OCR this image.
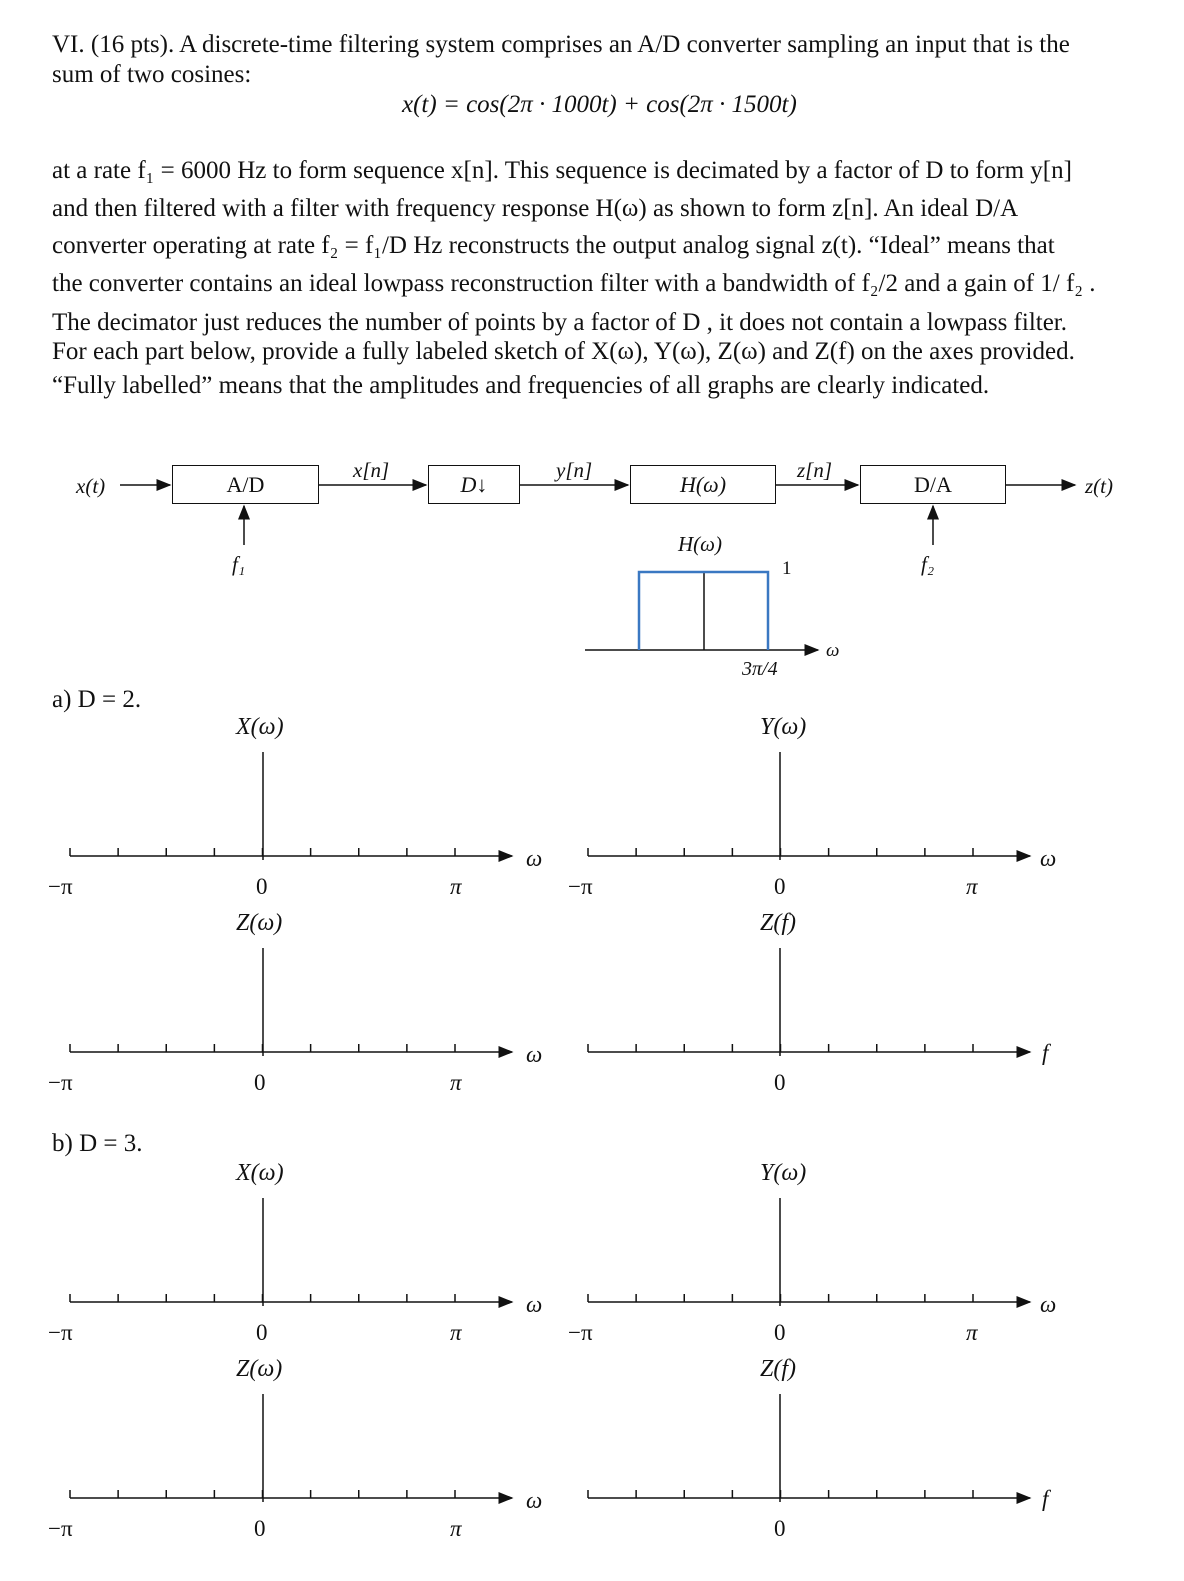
VI. (16 pts). A discrete-time filtering system comprises an A/D converter sampling an input that is the
sum of two cosines:
x(t) = cos(2π · 1000t) + cos(2π · 1500t)
at a rate f₁ = 6000 Hz to form sequence x[n]. This sequence is decimated by a factor of D to form y[n]
and then filtered with a filter with frequency response H(ω) as shown to form z[n]. An ideal D/A
converter operating at rate f₂ = f₁/D Hz reconstructs the output analog signal z(t). “Ideal” means that
the converter contains an ideal lowpass reconstruction filter with a bandwidth of f₂/2 and a gain of 1/ f₂ .
The decimator just reduces the number of points by a factor of D , it does not contain a lowpass filter.
For each part below, provide a fully labeled sketch of X(ω), Y(ω), Z(ω) and Z(f) on the axes provided.
“Fully labelled” means that the amplitudes and frequencies of all graphs are clearly indicated.
x(t)	A/D
f₁
x[n]
D↓
y[n]
H(ω)
z[n]
D/A
f₂
z(t)
H(ω)
1
3π/4
ω
a) D = 2.
X(ω)	Y(ω)
−π	0	π
ω
−π	0	π
ω
Z(ω)	Z(f)
−π	0	π
ω
0
f
b) D = 3.
X(ω)	Y(ω)
−π	0	π
ω
−π	0	π
ω
Z(ω)	Z(f)
−π	0	π
ω
0
f
